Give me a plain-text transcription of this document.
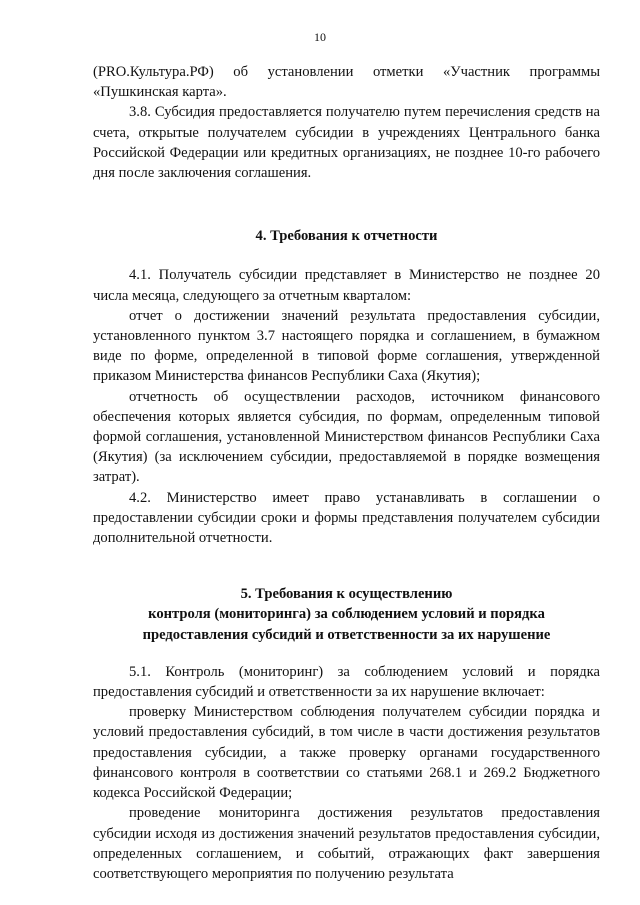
10

(PRO.Культура.РФ) об установлении отметки «Участник программы «Пушкинская карта».

3.8. Субсидия предоставляется получателю путем перечисления средств на счета, открытые получателем субсидии в учреждениях Центрального банка Российской Федерации или кредитных организациях, не позднее 10-го рабочего дня после заключения соглашения.

4. Требования к отчетности

4.1. Получатель субсидии представляет в Министерство не позднее 20 числа месяца, следующего за отчетным кварталом:

отчет о достижении значений результата предоставления субсидии, установленного пунктом 3.7 настоящего порядка и соглашением, в бумажном виде по форме, определенной в типовой форме соглашения, утвержденной приказом Министерства финансов Республики Саха (Якутия);

отчетность об осуществлении расходов, источником финансового обеспечения которых является субсидия, по формам, определенным типовой формой соглашения, установленной Министерством финансов Республики Саха (Якутия) (за исключением субсидии, предоставляемой в порядке возмещения затрат).

4.2. Министерство имеет право устанавливать в соглашении о предоставлении субсидии сроки и формы представления получателем субсидии дополнительной отчетности.

5. Требования к осуществлению

контроля (мониторинга) за соблюдением условий и порядка

предоставления субсидий и ответственности за их нарушение

5.1. Контроль (мониторинг) за соблюдением условий и порядка предоставления субсидий и ответственности за их нарушение включает:

проверку Министерством соблюдения получателем субсидии порядка и условий предоставления субсидий, в том числе в части достижения результатов предоставления субсидии, а также проверку органами государственного финансового контроля в соответствии со статьями 268.1 и 269.2 Бюджетного кодекса Российской Федерации;

проведение мониторинга достижения результатов предоставления субсидии исходя из достижения значений результатов предоставления субсидии, определенных соглашением, и событий, отражающих факт завершения соответствующего мероприятия по получению результата
